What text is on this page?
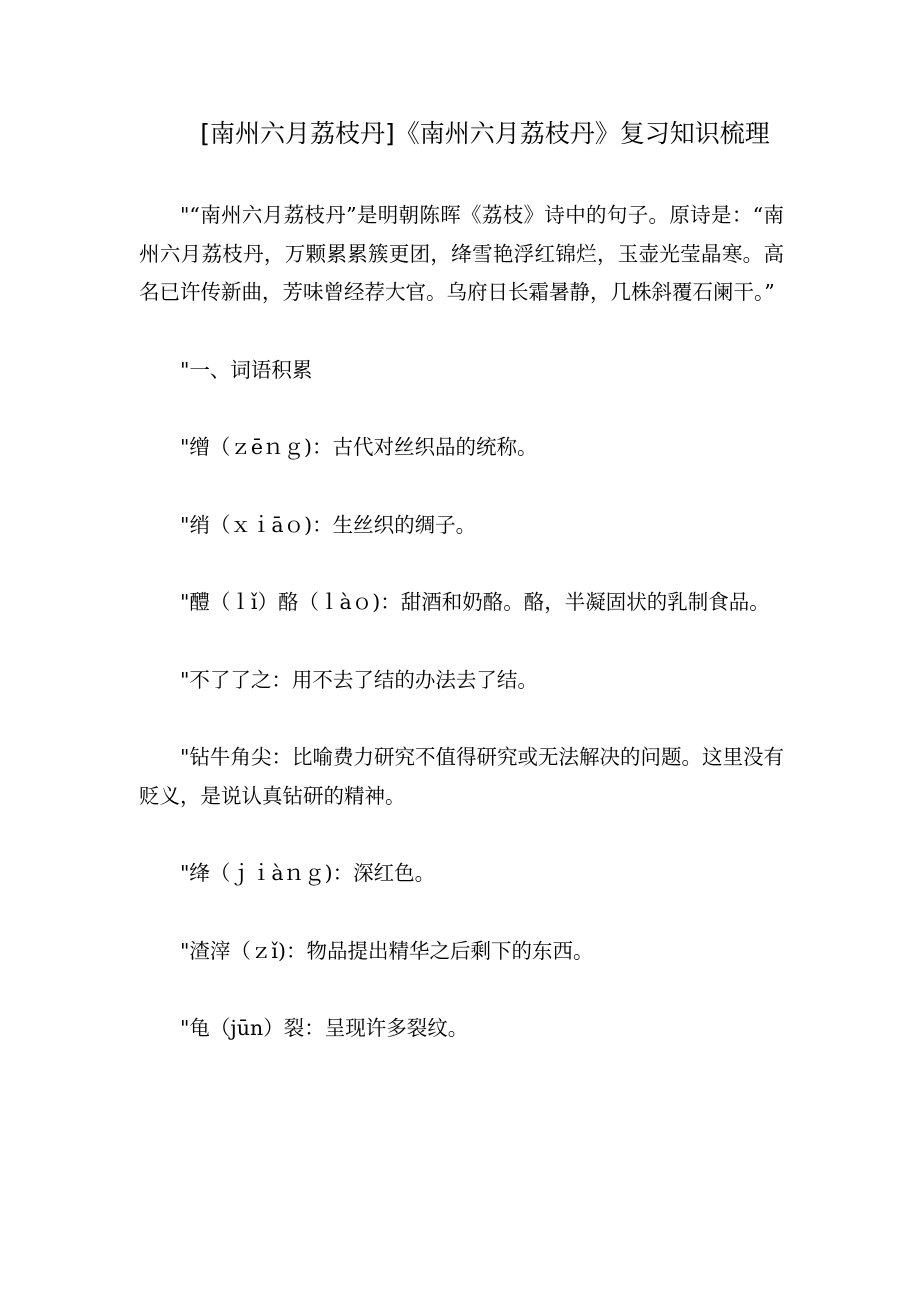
[南州六月荔枝丹]《南州六月荔枝丹》复习知识梳理

"“南州六月荔枝丹”是明朝陈晖《荔枝》诗中的句子。原诗是：“南州六月荔枝丹，万颗累累簇更团，绛雪艳浮红锦烂，玉壶光莹晶寒。高名已许传新曲，芳味曾经荐大官。乌府日长霜暑静，几株斜覆石阑干。”

"一、词语积累

"缯（ｚēｎｇ)：古代对丝织品的统称。

"绡（ｘｉāｏ)：生丝织的绸子。

"醴（ｌǐ）酪（ｌàｏ)：甜酒和奶酪。酪，半凝固状的乳制食品。

"不了了之：用不去了结的办法去了结。

"钻牛角尖：比喻费力研究不值得研究或无法解决的问题。这里没有贬义，是说认真钻研的精神。

"绛（ｊｉàｎｇ)：深红色。

"渣滓（ｚǐ)：物品提出精华之后剩下的东西。

"龟（jūn）裂：呈现许多裂纹。
